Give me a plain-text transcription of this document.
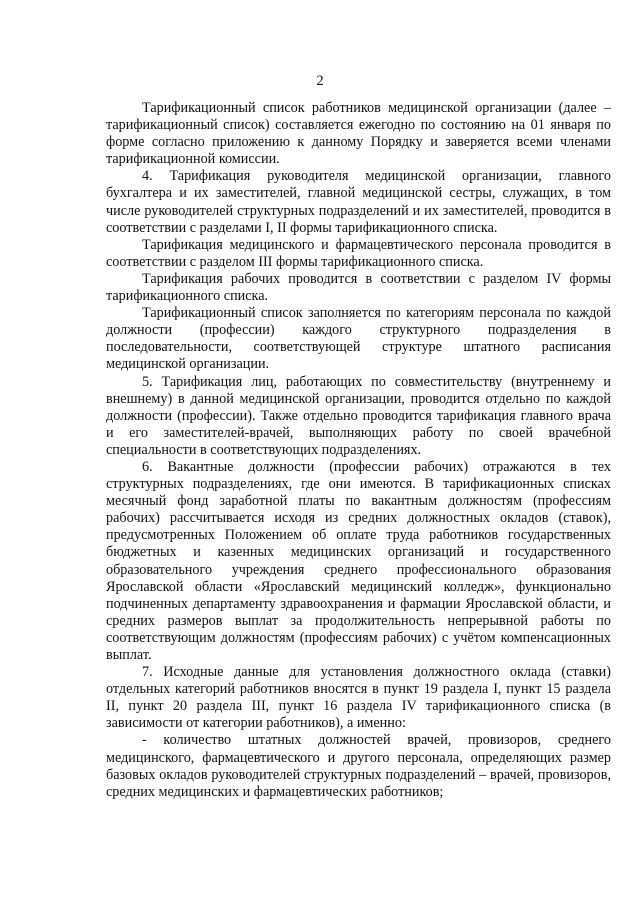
2

Тарификационный список работников медицинской организации (далее – тарификационный список) составляется ежегодно по состоянию на 01 января по форме согласно приложению к данному Порядку и заверяется всеми членами тарификационной комиссии.

4. Тарификация руководителя медицинской организации, главного бухгалтера и их заместителей, главной медицинской сестры, служащих, в том числе руководителей структурных подразделений и их заместителей, проводится в соответствии с разделами I, II формы тарификационного списка.

Тарификация медицинского и фармацевтического персонала проводится в соответствии с разделом III формы тарификационного списка.

Тарификация рабочих проводится в соответствии с разделом IV формы тарификационного списка.

Тарификационный список заполняется по категориям персонала по каждой должности (профессии) каждого структурного подразделения в последовательности, соответствующей структуре штатного расписания медицинской организации.

5. Тарификация лиц, работающих по совместительству (внутреннему и внешнему) в данной медицинской организации, проводится отдельно по каждой должности (профессии). Также отдельно проводится тарификация главного врача и его заместителей-врачей, выполняющих работу по своей врачебной специальности в соответствующих подразделениях.

6. Вакантные должности (профессии рабочих) отражаются в тех структурных подразделениях, где они имеются. В тарификационных списках месячный фонд заработной платы по вакантным должностям (профессиям рабочих) рассчитывается исходя из средних должностных окладов (ставок), предусмотренных Положением об оплате труда работников государственных бюджетных и казенных медицинских организаций и государственного образовательного учреждения среднего профессионального образования Ярославской области «Ярославский медицинский колледж», функционально подчиненных департаменту здравоохранения и фармации Ярославской области, и средних размеров выплат за продолжительность непрерывной работы по соответствующим должностям (профессиям рабочих) с учётом компенсационных выплат.

7. Исходные данные для установления должностного оклада (ставки) отдельных категорий работников вносятся в пункт 19 раздела I, пункт 15 раздела II, пункт 20 раздела III, пункт 16 раздела IV тарификационного списка (в зависимости от категории работников), а именно:

- количество штатных должностей врачей, провизоров, среднего медицинского, фармацевтического и другого персонала, определяющих размер базовых окладов руководителей структурных подразделений – врачей, провизоров, средних медицинских и фармацевтических работников;
